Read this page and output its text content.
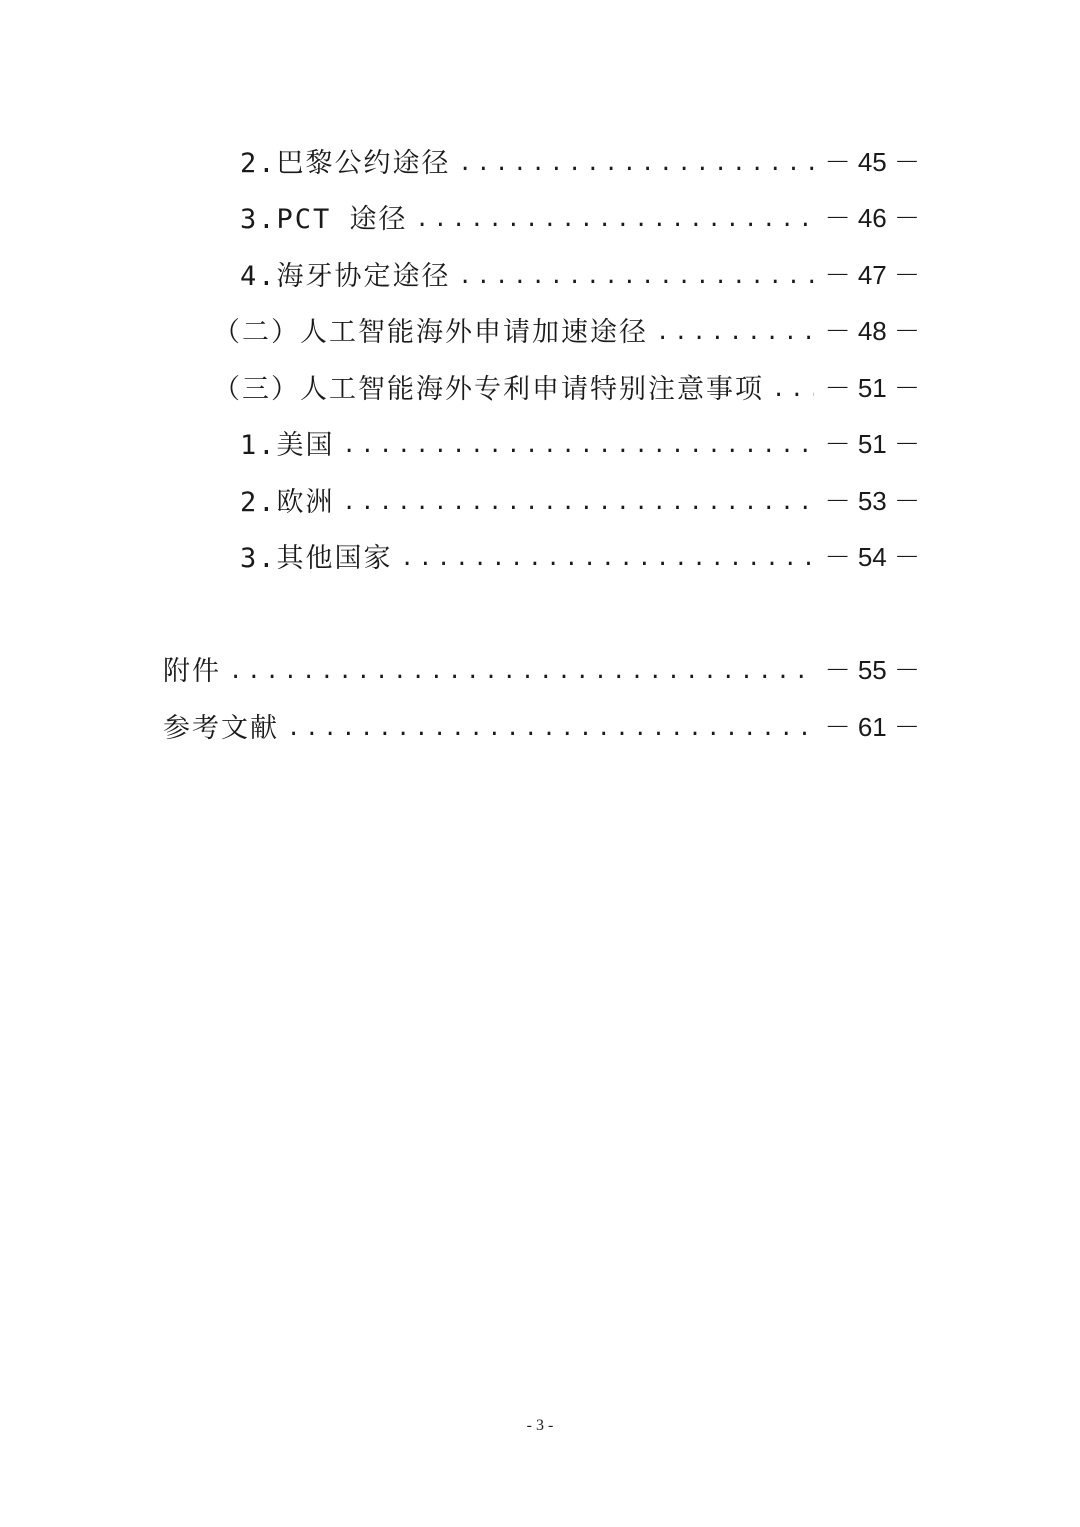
2.巴黎公约途径 .....	－ 45 －
3.PCT 途径 .....	－ 46 －
4.海牙协定途径 .....	－ 47 －
（二）人工智能海外申请加速途径 .....	－ 48 －
（三）人工智能海外专利申请特别注意事项 ..... － 51 －
1.美国 .....	－ 51 －
2.欧洲 .....	－ 53 －
3.其他国家 .....	－ 54 －
附件 .....	－ 55 －
参考文献 .....	－ 61 －
- 3 -
